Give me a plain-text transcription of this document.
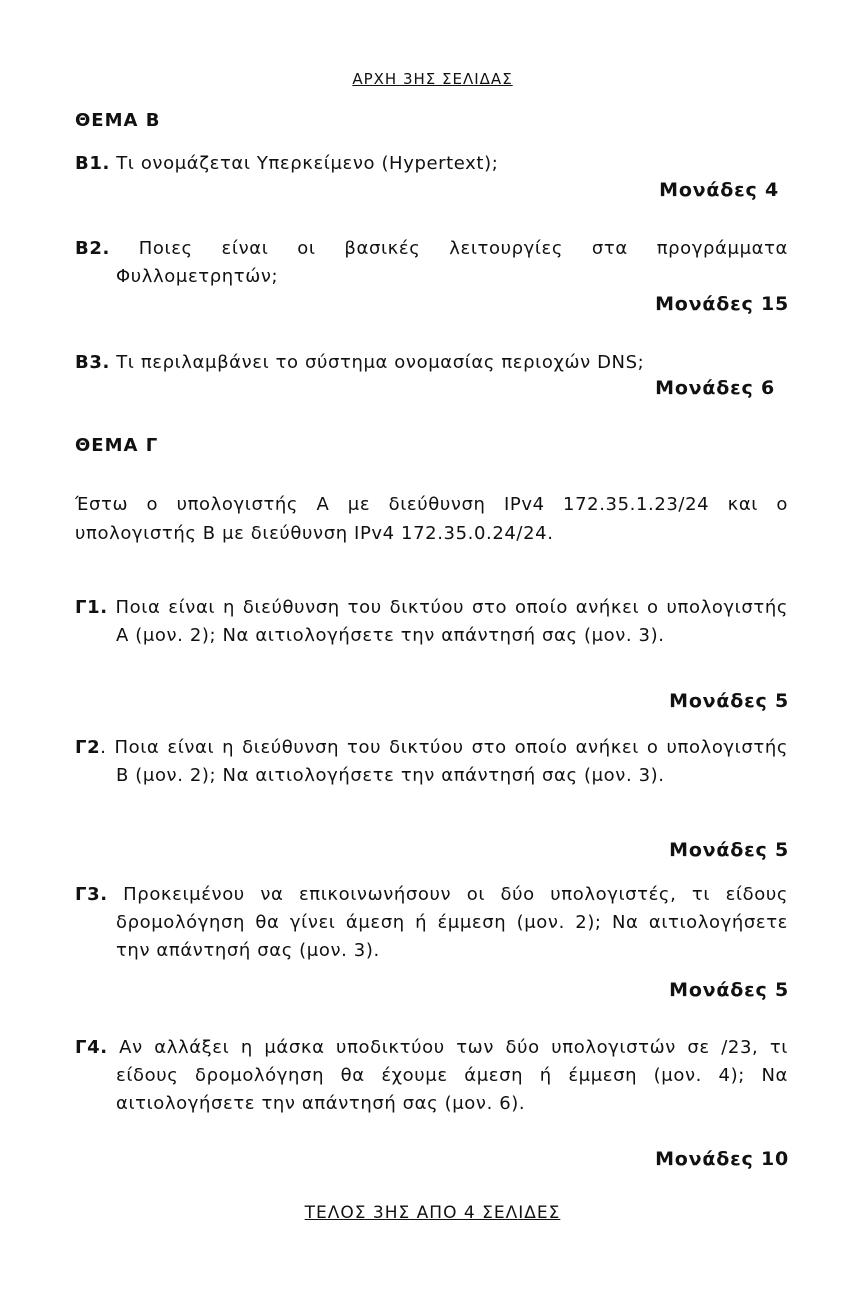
ΑΡΧΗ 3ΗΣ ΣΕΛΙΔΑΣ
ΘΕΜΑ Β
Β1. Τι ονομάζεται Υπερκείμενο (Hypertext);
Μονάδες 4
Β2. Ποιες είναι οι βασικές λειτουργίες στα προγράμματα Φυλλομετρητών;
Μονάδες 15
Β3. Τι περιλαμβάνει το σύστημα ονομασίας περιοχών DNS;
Μονάδες 6
ΘΕΜΑ Γ
Έστω ο υπολογιστής Α με διεύθυνση IPv4 172.35.1.23/24 και ο υπολογιστής Β με διεύθυνση IPv4 172.35.0.24/24.
Γ1. Ποια είναι η διεύθυνση του δικτύου στο οποίο ανήκει ο υπολογιστής Α (μον. 2); Να αιτιολογήσετε την απάντησή σας (μον. 3).
Μονάδες 5
Γ2. Ποια είναι η διεύθυνση του δικτύου στο οποίο ανήκει ο υπολογιστής Β (μον. 2); Να αιτιολογήσετε την απάντησή σας (μον. 3).
Μονάδες 5
Γ3. Προκειμένου να επικοινωνήσουν οι δύο υπολογιστές, τι είδους δρομολόγηση θα γίνει άμεση ή έμμεση (μον. 2); Να αιτιολογήσετε την απάντησή σας (μον. 3).
Μονάδες 5
Γ4. Αν αλλάξει η μάσκα υποδικτύου των δύο υπολογιστών σε /23, τι είδους δρομολόγηση θα έχουμε άμεση ή έμμεση (μον. 4); Να αιτιολογήσετε την απάντησή σας (μον. 6).
Μονάδες 10
ΤΕΛΟΣ 3ΗΣ ΑΠΟ 4 ΣΕΛΙΔΕΣ
